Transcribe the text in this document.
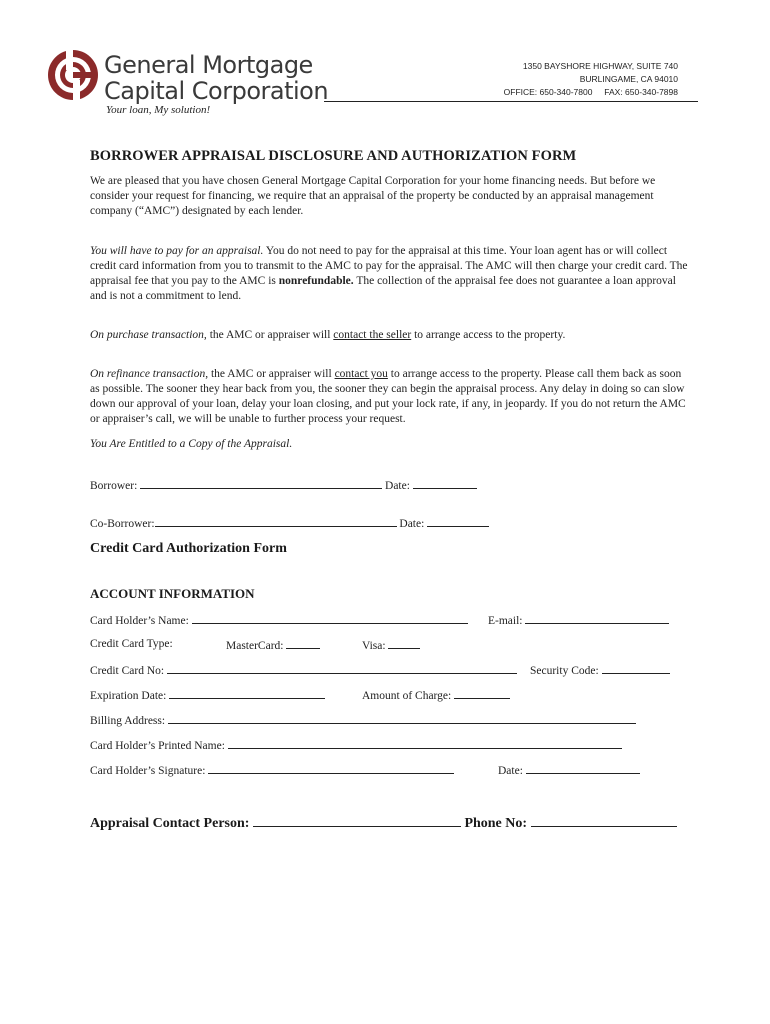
General Mortgage
Capital Corporation
Your loan, My solution!
1350 BAYSHORE HIGHWAY, SUITE 740
BURLINGAME, CA 94010
OFFICE: 650-340-7800     FAX: 650-340-7898
BORROWER APPRAISAL DISCLOSURE AND AUTHORIZATION FORM
We are pleased that you have chosen General Mortgage Capital Corporation for your home financing needs. But before we consider your request for financing, we require that an appraisal of the property be conducted by an appraisal management company (“AMC”) designated by each lender.
You will have to pay for an appraisal. You do not need to pay for the appraisal at this time. Your loan agent has or will collect credit card information from you to transmit to the AMC to pay for the appraisal. The AMC will then charge your credit card. The appraisal fee that you pay to the AMC is nonrefundable. The collection of the appraisal fee does not guarantee a loan approval and is not a commitment to lend.
On purchase transaction, the AMC or appraiser will contact the seller to arrange access to the property.
On refinance transaction, the AMC or appraiser will contact you to arrange access to the property. Please call them back as soon as possible. The sooner they hear back from you, the sooner they can begin the appraisal process. Any delay in doing so can slow down our approval of your loan, delay your loan closing, and put your lock rate, if any, in jeopardy. If you do not return the AMC or appraiser’s call, we will be unable to further process your request.
You Are Entitled to a Copy of the Appraisal.
Borrower:	Date:
Co-Borrower:	Date:
Credit Card Authorization Form
ACCOUNT INFORMATION
Card Holder’s Name:	E-mail:
Credit Card Type:	MasterCard:	Visa:
Credit Card No:	Security Code:
Expiration Date:	Amount of Charge:
Billing Address:
Card Holder’s Printed Name:
Card Holder’s Signature:	Date:
Appraisal Contact Person:	Phone No:
